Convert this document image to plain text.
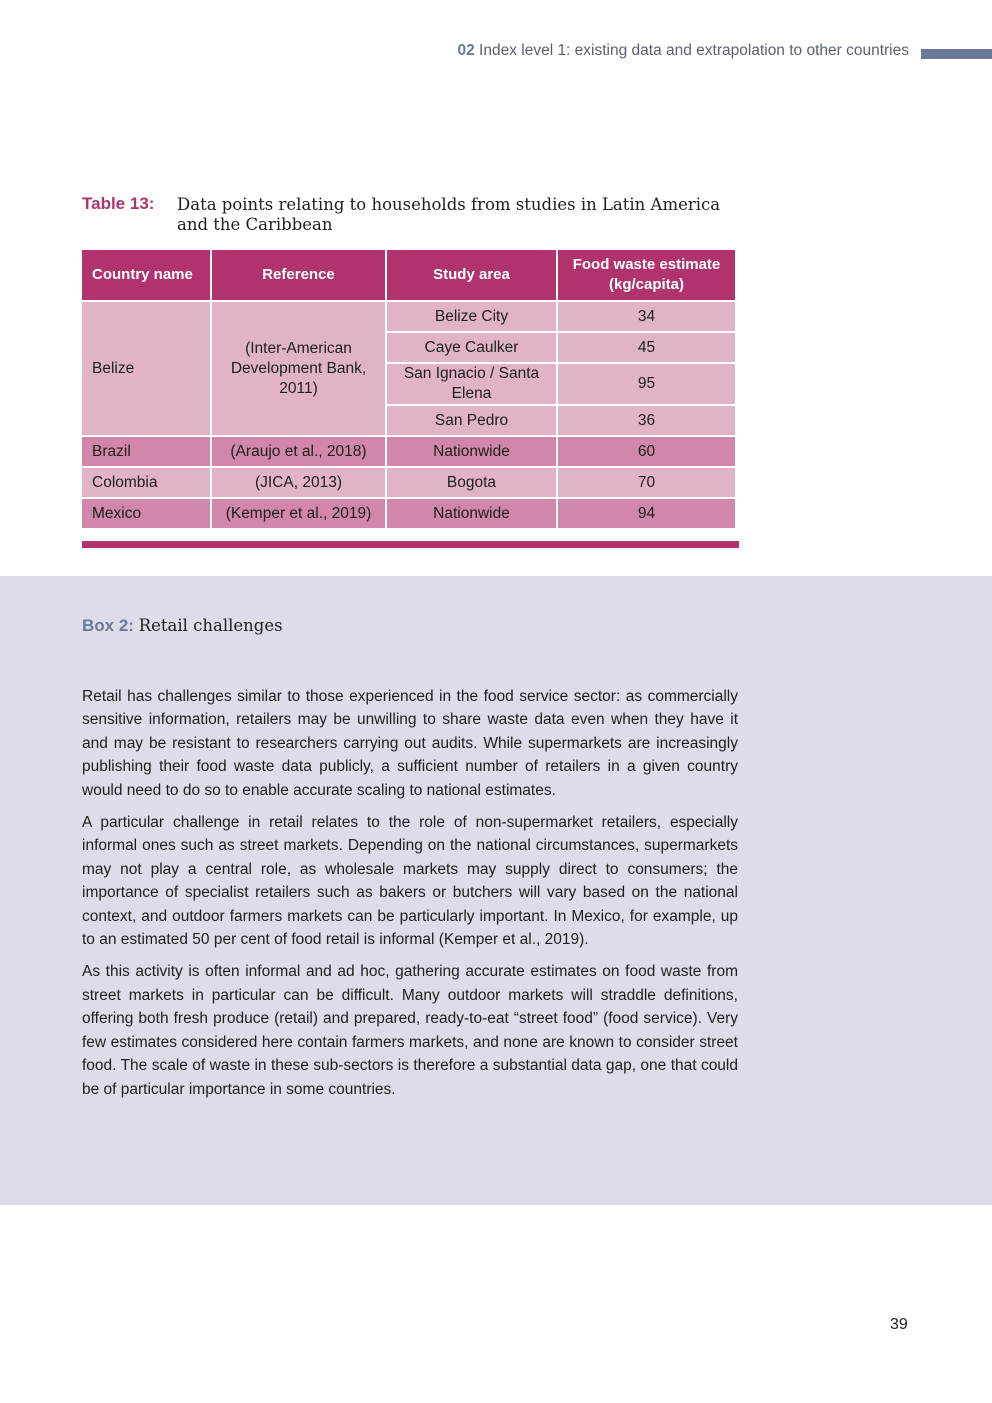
02 Index level 1: existing data and extrapolation to other countries
Table 13: Data points relating to households from studies in Latin America and the Caribbean
Country name	Reference	Study area	Food waste estimate (kg/capita)
Belize	(Inter-American Development Bank, 2011)	Belize City	34
		Caye Caulker	45
		San Ignacio / Santa Elena	95
		San Pedro	36
Brazil	(Araujo et al., 2018)	Nationwide	60
Colombia	(JICA, 2013)	Bogota	70
Mexico	(Kemper et al., 2019)	Nationwide	94
Box 2: Retail challenges

Retail has challenges similar to those experienced in the food service sector: as commercially sensitive information, retailers may be unwilling to share waste data even when they have it and may be resistant to researchers carrying out audits. While supermarkets are increasingly publishing their food waste data publicly, a sufficient number of retailers in a given country would need to do so to enable accurate scaling to national estimates.

A particular challenge in retail relates to the role of non-supermarket retailers, especially informal ones such as street markets. Depending on the national circumstances, supermarkets may not play a central role, as wholesale markets may supply direct to consumers; the importance of specialist retailers such as bakers or butchers will vary based on the national context, and outdoor farmers markets can be particularly important. In Mexico, for example, up to an estimated 50 per cent of food retail is informal (Kemper et al., 2019).

As this activity is often informal and ad hoc, gathering accurate estimates on food waste from street markets in particular can be difficult. Many outdoor markets will straddle definitions, offering both fresh produce (retail) and prepared, ready-to-eat “street food” (food service). Very few estimates considered here contain farmers markets, and none are known to consider street food. The scale of waste in these sub-sectors is therefore a substantial data gap, one that could be of particular importance in some countries.

39
